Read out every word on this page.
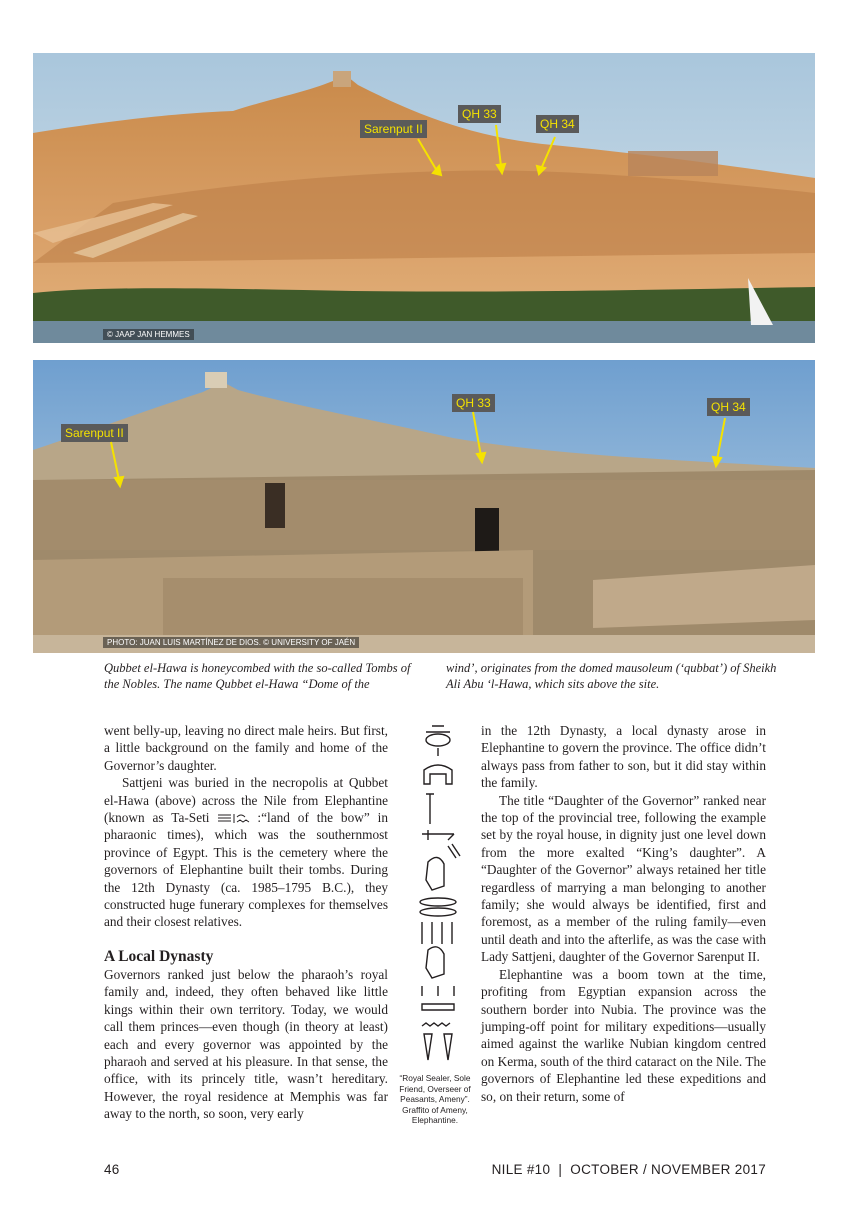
© JAAP JAN HEMMES
Sarenput II
QH 33
QH 34
PHOTO: JUAN LUIS MARTÍNEZ DE DIOS. © UNIVERSITY OF JAÉN
Sarenput II
QH 33	QH 34
Qubbet el-Hawa is honeycombed with the so-called Tombs of the Nobles. The name Qubbet el-Hawa “Dome of the
wind’, originates from the domed mausoleum (‘qubbat’) of Sheikh Ali Abu ‘l-Hawa, which sits above the site.

went belly-up, leaving no direct male heirs. But first, a little background on the family and home of the Governor’s daughter.

Sattjeni was buried in the necropolis at Qubbet el-Hawa (above) across the Nile from Elephantine (known as Ta-Seti	:“land of the bow” in pharaonic times), which was the southernmost province of Egypt. This is the cemetery where the governors of Elephantine built their tombs. During the 12th Dynasty (ca. 1985–1795 B.C.), they constructed huge funerary complexes for themselves and their closest relatives.

A Local Dynasty

Governors ranked just below the pharaoh’s royal family and, indeed, they often behaved like little kings within their own territory. Today, we would call them princes—even though (in theory at least) each and every governor was appointed by the pharaoh and served at his pleasure. In that sense, the office, with its princely title, wasn’t hereditary. However, the royal residence at Memphis was far away to the north, so soon, very early

“Royal Sealer, Sole Friend, Overseer of Peasants, Ameny”. Graffito of Ameny, Elephantine.

in the 12th Dynasty, a local dynasty arose in Elephantine to govern the province. The office didn’t always pass from father to son, but it did stay within the family.

The title “Daughter of the Governor” ranked near the top of the provincial tree, following the example set by the royal house, in dignity just one level down from the more exalted “King’s daughter”. A “Daughter of the Governor” always retained her title regardless of marrying a man belonging to another family; she would always be identified, first and foremost, as a member of the ruling family—even until death and into the afterlife, as was the case with Lady Sattjeni, daughter of the Governor Sarenput II.

Elephantine was a boom town at the time, profiting from Egyptian expansion across the southern border into Nubia. The province was the jumping-off point for military expeditions—usually aimed against the warlike Nubian kingdom centred on Kerma, south of the third cataract on the Nile. The governors of Elephantine led these expeditions and so, on their return, some of

46	NILE #10  |  OCTOBER / NOVEMBER 2017
